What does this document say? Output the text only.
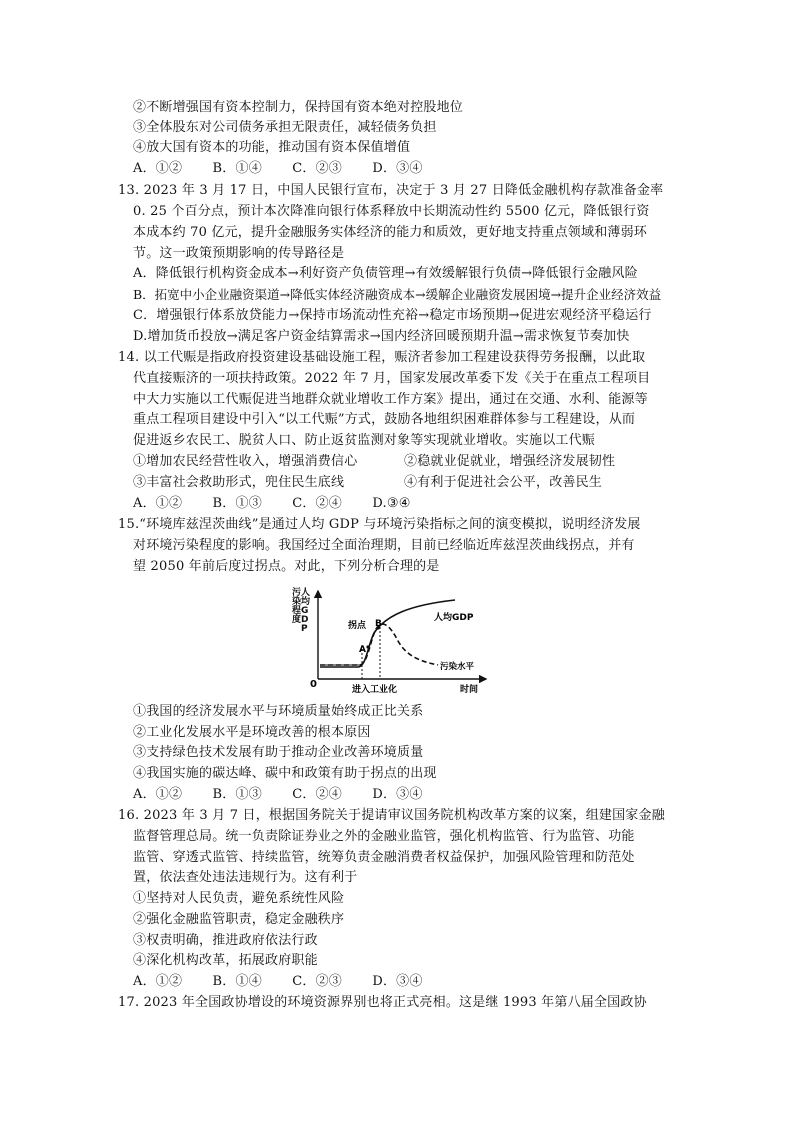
②不断增强国有资本控制力，保持国有资本绝对控股地位
③全体股东对公司债务承担无限责任，减轻债务负担
④放大国有资本的功能，推动国有资本保值增值
A．①② B．①④ C．②③ D．③④
13. 2023 年 3 月 17 日，中国人民银行宣布，决定于 3 月 27 日降低金融机构存款准备金率
0. 25 个百分点，预计本次降准向银行体系释放中长期流动性约 5500 亿元，降低银行资
本成本约 70 亿元，提升金融服务实体经济的能力和质效，更好地支持重点领域和薄弱环
节。这一政策预期影响的传导路径是
A．降低银行机构资金成本→利好资产负债管理→有效缓解银行负债→降低银行金融风险
B．拓宽中小企业融资渠道→降低实体经济融资成本→缓解企业融资发展困境→提升企业经济效益
C．增强银行体系放贷能力→保持市场流动性充裕→稳定市场预期→促进宏观经济平稳运行
D.增加货币投放→满足客户资金结算需求→国内经济回暖预期升温→需求恢复节奏加快
14. 以工代赈是指政府投资建设基础设施工程，赈济者参加工程建设获得劳务报酬，以此取
代直接赈济的一项扶持政策。2022 年 7 月，国家发展改革委下发《关于在重点工程项目
中大力实施以工代赈促进当地群众就业增收工作方案》提出，通过在交通、水利、能源等
重点工程项目建设中引入“以工代赈”方式，鼓励各地组织困难群体参与工程建设，从而
促进返乡农民工、脱贫人口、防止返贫监测对象等实现就业增收。实施以工代赈
①增加农民经营性收入，增强消费信心	②稳就业促就业，增强经济发展韧性
③丰富社会救助形式，兜住民生底线	④有利于促进社会公平，改善民生
A．①② B．①③ C．②④ D.③④
15.“环境库兹涅茨曲线”是通过人均 GDP 与环境污染指标之间的演变模拟，说明经济发展
对环境污染程度的影响。我国经过全面治理期，目前已经临近库兹涅茨曲线拐点，并有
望 2050 年前后度过拐点。对此，下列分析合理的是
人
均
G
D
P
污
染
程
度
0
拐点 B
A
人均GDP
污染水平
进入工业化	时间
①我国的经济发展水平与环境质量始终成正比关系
②工业化发展水平是环境改善的根本原因
③支持绿色技术发展有助于推动企业改善环境质量
④我国实施的碳达峰、碳中和政策有助于拐点的出现
A．①② B．①③ C．②④ D．③④
16. 2023 年 3 月 7 日，根据国务院关于提请审议国务院机构改革方案的议案，组建国家金融
监督管理总局。统一负责除证券业之外的金融业监管，强化机构监管、行为监管、功能
监管、穿透式监管、持续监管，统筹负责金融消费者权益保护，加强风险管理和防范处
置，依法查处违法违规行为。这有利于
①坚持对人民负责，避免系统性风险
②强化金融监管职责，稳定金融秩序
③权责明确，推进政府依法行政
④深化机构改革，拓展政府职能
A．①② B．①④ C．②③ D．③④
17. 2023 年全国政协增设的环境资源界别也将正式亮相。这是继 1993 年第八届全国政协
